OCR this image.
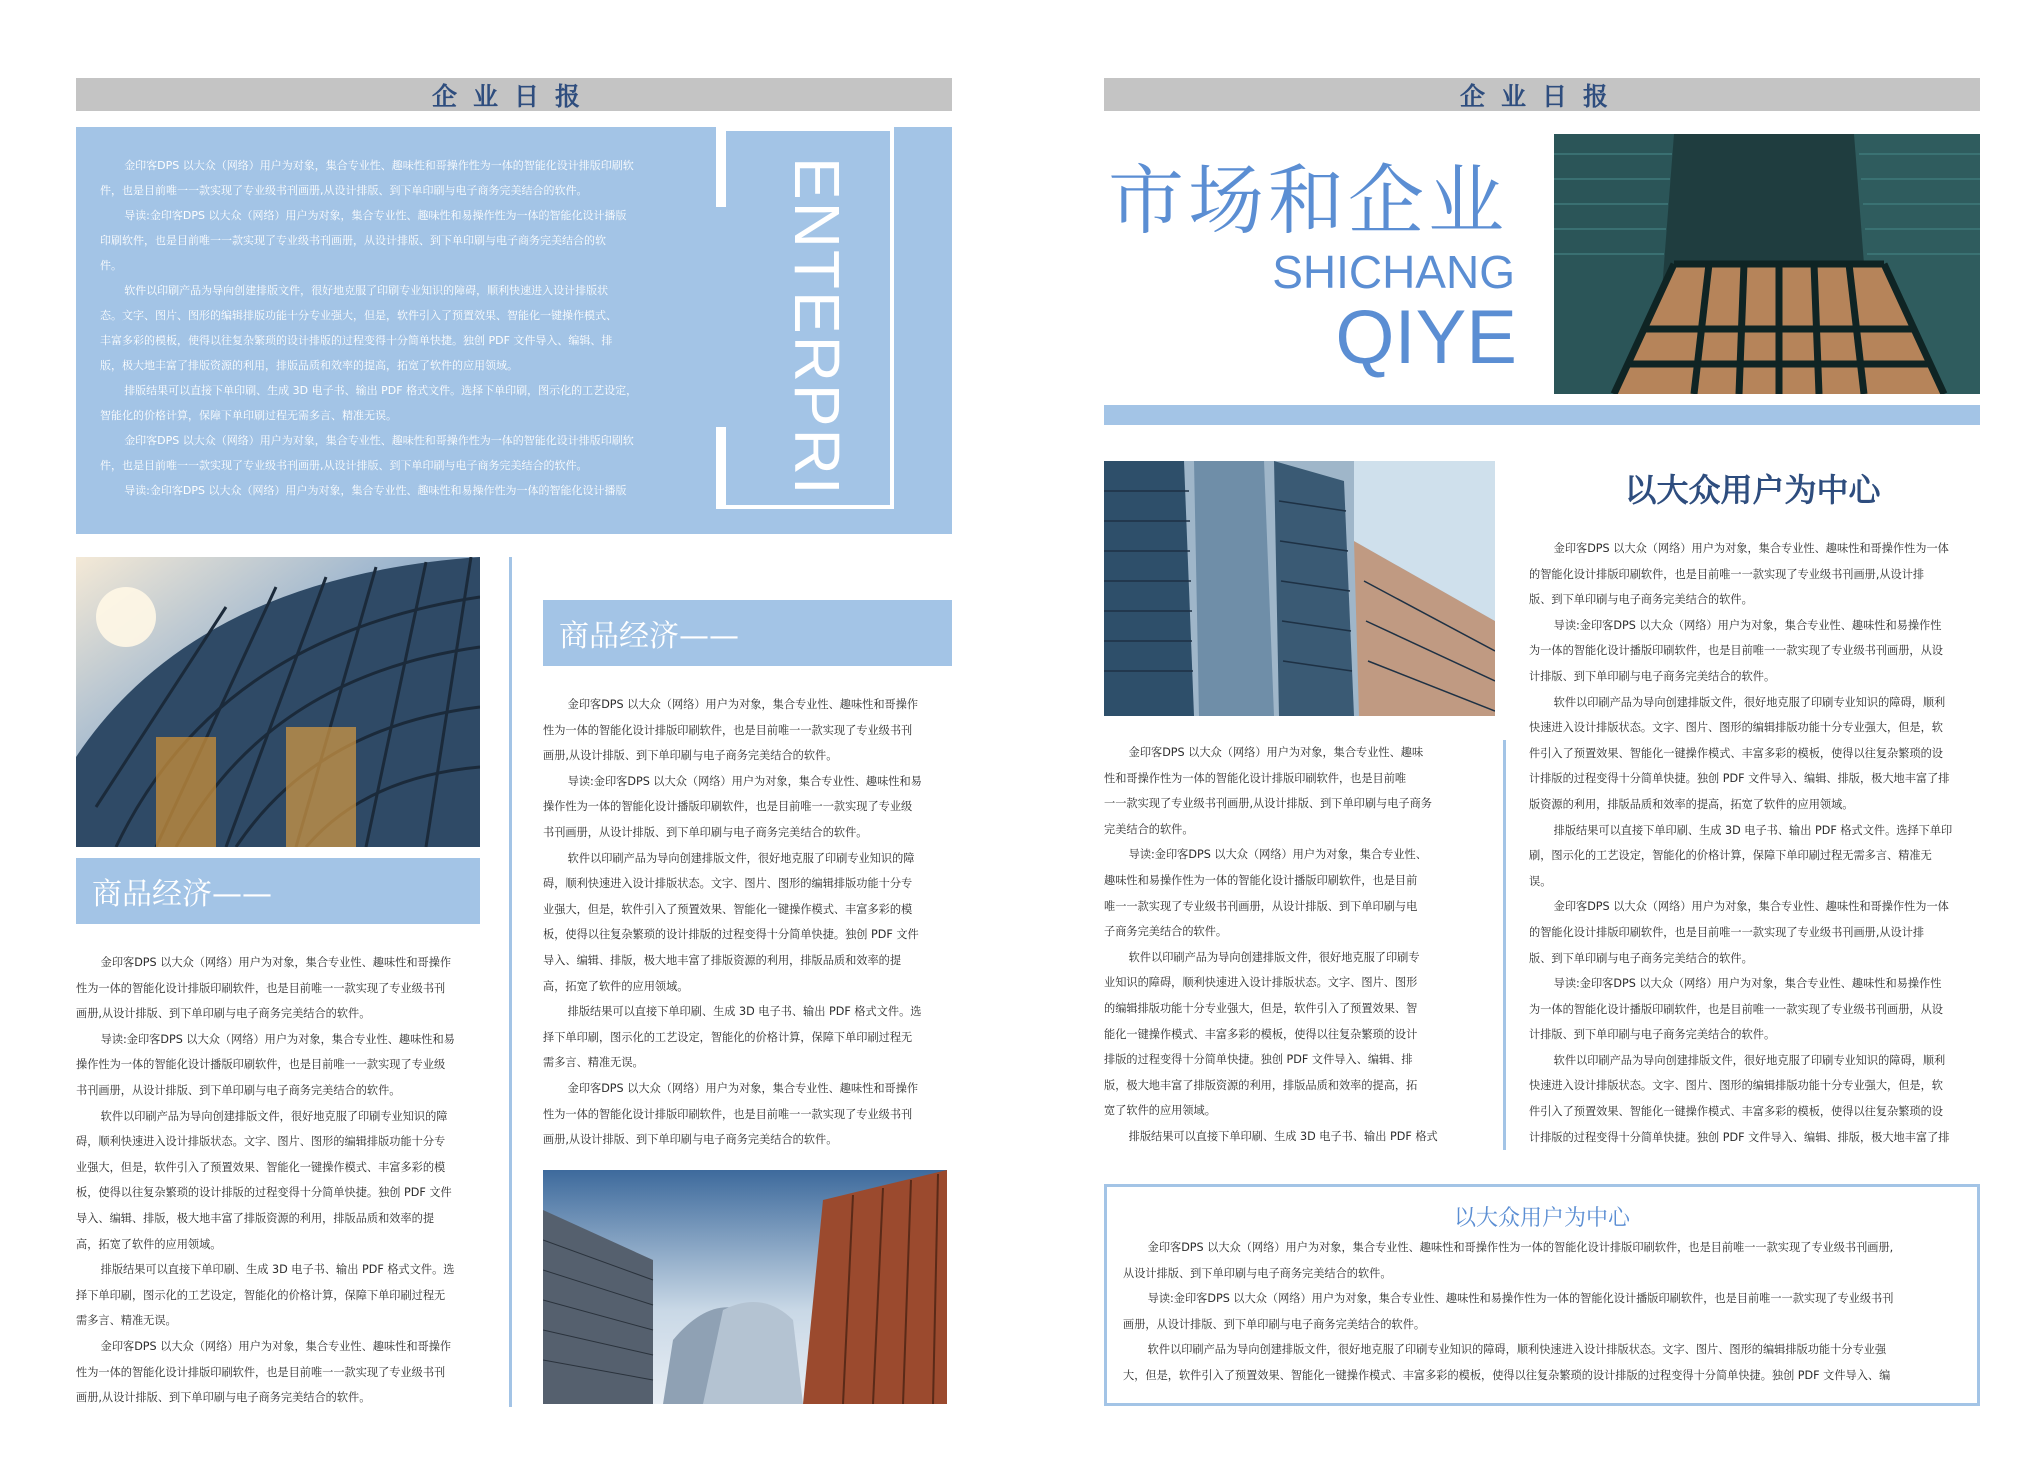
企业日报
金印客DPS 以大众（网络）用户为对象，集合专业性、趣味性和哥操作性为一体的智能化设计排版印刷软
件，也是目前唯一一款实现了专业级书刊画册,从设计排版、到下单印刷与电子商务完美结合的软件。
导读:金印客DPS 以大众（网络）用户为对象，集合专业性、趣味性和易操作性为一体的智能化设计播版
印刷软件，也是目前唯一一款实现了专业级书刊画册，从设计排版、到下单印刷与电子商务完美结合的软
件。
软件以印刷产品为导向创建排版文件，很好地克服了印刷专业知识的障碍，顺利快速进入设计排版状
态。文字、图片、图形的编辑排版功能十分专业强大，但是，软件引入了预置效果、智能化一键操作模式、
丰富多彩的模板，使得以往复杂繁琐的设计排版的过程变得十分简单快捷。独创 PDF 文件导入、编辑、排
版，极大地丰富了排版资源的利用，排版品质和效率的提高，拓宽了软件的应用领域。
排版结果可以直接下单印刷、生成 3D 电子书、输出 PDF 格式文件。选择下单印刷，图示化的工艺设定，
智能化的价格计算，保障下单印刷过程无需多言、精准无误。
金印客DPS 以大众（网络）用户为对象，集合专业性、趣味性和哥操作性为一体的智能化设计排版印刷软
件，也是目前唯一一款实现了专业级书刊画册,从设计排版、到下单印刷与电子商务完美结合的软件。
导读:金印客DPS 以大众（网络）用户为对象，集合专业性、趣味性和易操作性为一体的智能化设计播版	ENTERPRI
商品经济——
金印客DPS 以大众（网络）用户为对象，集合专业性、趣味性和哥操作
性为一体的智能化设计排版印刷软件，也是目前唯一一款实现了专业级书刊
画册,从设计排版、到下单印刷与电子商务完美结合的软件。
导读:金印客DPS 以大众（网络）用户为对象，集合专业性、趣味性和易
操作性为一体的智能化设计播版印刷软件，也是目前唯一一款实现了专业级
书刊画册，从设计排版、到下单印刷与电子商务完美结合的软件。
软件以印刷产品为导向创建排版文件，很好地克服了印刷专业知识的障
碍，顺利快速进入设计排版状态。文字、图片、图形的编辑排版功能十分专
业强大，但是，软件引入了预置效果、智能化一键操作模式、丰富多彩的模
板，使得以往复杂繁琐的设计排版的过程变得十分简单快捷。独创 PDF 文件
导入、编辑、排版，极大地丰富了排版资源的利用，排版品质和效率的提
高，拓宽了软件的应用领域。
排版结果可以直接下单印刷、生成 3D 电子书、输出 PDF 格式文件。选
择下单印刷，图示化的工艺设定，智能化的价格计算，保障下单印刷过程无
需多言、精准无误。
金印客DPS 以大众（网络）用户为对象，集合专业性、趣味性和哥操作
性为一体的智能化设计排版印刷软件，也是目前唯一一款实现了专业级书刊
画册,从设计排版、到下单印刷与电子商务完美结合的软件。
商品经济——
金印客DPS 以大众（网络）用户为对象，集合专业性、趣味性和哥操作
性为一体的智能化设计排版印刷软件，也是目前唯一一款实现了专业级书刊
画册,从设计排版、到下单印刷与电子商务完美结合的软件。
导读:金印客DPS 以大众（网络）用户为对象，集合专业性、趣味性和易
操作性为一体的智能化设计播版印刷软件，也是目前唯一一款实现了专业级
书刊画册，从设计排版、到下单印刷与电子商务完美结合的软件。
软件以印刷产品为导向创建排版文件，很好地克服了印刷专业知识的障
碍，顺利快速进入设计排版状态。文字、图片、图形的编辑排版功能十分专
业强大，但是，软件引入了预置效果、智能化一键操作模式、丰富多彩的模
板，使得以往复杂繁琐的设计排版的过程变得十分简单快捷。独创 PDF 文件
导入、编辑、排版，极大地丰富了排版资源的利用，排版品质和效率的提
高，拓宽了软件的应用领域。
排版结果可以直接下单印刷、生成 3D 电子书、输出 PDF 格式文件。选
择下单印刷，图示化的工艺设定，智能化的价格计算，保障下单印刷过程无
需多言、精准无误。
金印客DPS 以大众（网络）用户为对象，集合专业性、趣味性和哥操作
性为一体的智能化设计排版印刷软件，也是目前唯一一款实现了专业级书刊
画册,从设计排版、到下单印刷与电子商务完美结合的软件。
企业日报
市场和企业
SHICHANG
QIYE
金印客DPS 以大众（网络）用户为对象，集合专业性、趣味
性和哥操作性为一体的智能化设计排版印刷软件，也是目前唯
一一款实现了专业级书刊画册,从设计排版、到下单印刷与电子商务
完美结合的软件。
导读:金印客DPS 以大众（网络）用户为对象，集合专业性、
趣味性和易操作性为一体的智能化设计播版印刷软件，也是目前
唯一一款实现了专业级书刊画册，从设计排版、到下单印刷与电
子商务完美结合的软件。
软件以印刷产品为导向创建排版文件，很好地克服了印刷专
业知识的障碍，顺利快速进入设计排版状态。文字、图片、图形
的编辑排版功能十分专业强大，但是，软件引入了预置效果、智
能化一键操作模式、丰富多彩的模板，使得以往复杂繁琐的设计
排版的过程变得十分简单快捷。独创 PDF 文件导入、编辑、排
版，极大地丰富了排版资源的利用，排版品质和效率的提高，拓
宽了软件的应用领域。
排版结果可以直接下单印刷、生成 3D 电子书、输出 PDF 格式
以大众用户为中心
金印客DPS 以大众（网络）用户为对象，集合专业性、趣味性和哥操作性为一体
的智能化设计排版印刷软件，也是目前唯一一款实现了专业级书刊画册,从设计排
版、到下单印刷与电子商务完美结合的软件。
导读:金印客DPS 以大众（网络）用户为对象，集合专业性、趣味性和易操作性
为一体的智能化设计播版印刷软件，也是目前唯一一款实现了专业级书刊画册，从设
计排版、到下单印刷与电子商务完美结合的软件。
软件以印刷产品为导向创建排版文件，很好地克服了印刷专业知识的障碍，顺利
快速进入设计排版状态。文字、图片、图形的编辑排版功能十分专业强大，但是，软
件引入了预置效果、智能化一键操作模式、丰富多彩的模板，使得以往复杂繁琐的设
计排版的过程变得十分简单快捷。独创 PDF 文件导入、编辑、排版，极大地丰富了排
版资源的利用，排版品质和效率的提高，拓宽了软件的应用领域。
排版结果可以直接下单印刷、生成 3D 电子书、输出 PDF 格式文件。选择下单印
刷，图示化的工艺设定，智能化的价格计算，保障下单印刷过程无需多言、精准无
误。
金印客DPS 以大众（网络）用户为对象，集合专业性、趣味性和哥操作性为一体
的智能化设计排版印刷软件，也是目前唯一一款实现了专业级书刊画册,从设计排
版、到下单印刷与电子商务完美结合的软件。
导读:金印客DPS 以大众（网络）用户为对象，集合专业性、趣味性和易操作性
为一体的智能化设计播版印刷软件，也是目前唯一一款实现了专业级书刊画册，从设
计排版、到下单印刷与电子商务完美结合的软件。
软件以印刷产品为导向创建排版文件，很好地克服了印刷专业知识的障碍，顺利
快速进入设计排版状态。文字、图片、图形的编辑排版功能十分专业强大，但是，软
件引入了预置效果、智能化一键操作模式、丰富多彩的模板，使得以往复杂繁琐的设
计排版的过程变得十分简单快捷。独创 PDF 文件导入、编辑、排版，极大地丰富了排
以大众用户为中心
金印客DPS 以大众（网络）用户为对象，集合专业性、趣味性和哥操作性为一体的智能化设计排版印刷软件，也是目前唯一一款实现了专业级书刊画册,
从设计排版、到下单印刷与电子商务完美结合的软件。
导读:金印客DPS 以大众（网络）用户为对象，集合专业性、趣味性和易操作性为一体的智能化设计播版印刷软件，也是目前唯一一款实现了专业级书刊
画册，从设计排版、到下单印刷与电子商务完美结合的软件。
软件以印刷产品为导向创建排版文件，很好地克服了印刷专业知识的障碍，顺利快速进入设计排版状态。文字、图片、图形的编辑排版功能十分专业强
大，但是，软件引入了预置效果、智能化一键操作模式、丰富多彩的模板，使得以往复杂繁琐的设计排版的过程变得十分简单快捷。独创 PDF 文件导入、编
